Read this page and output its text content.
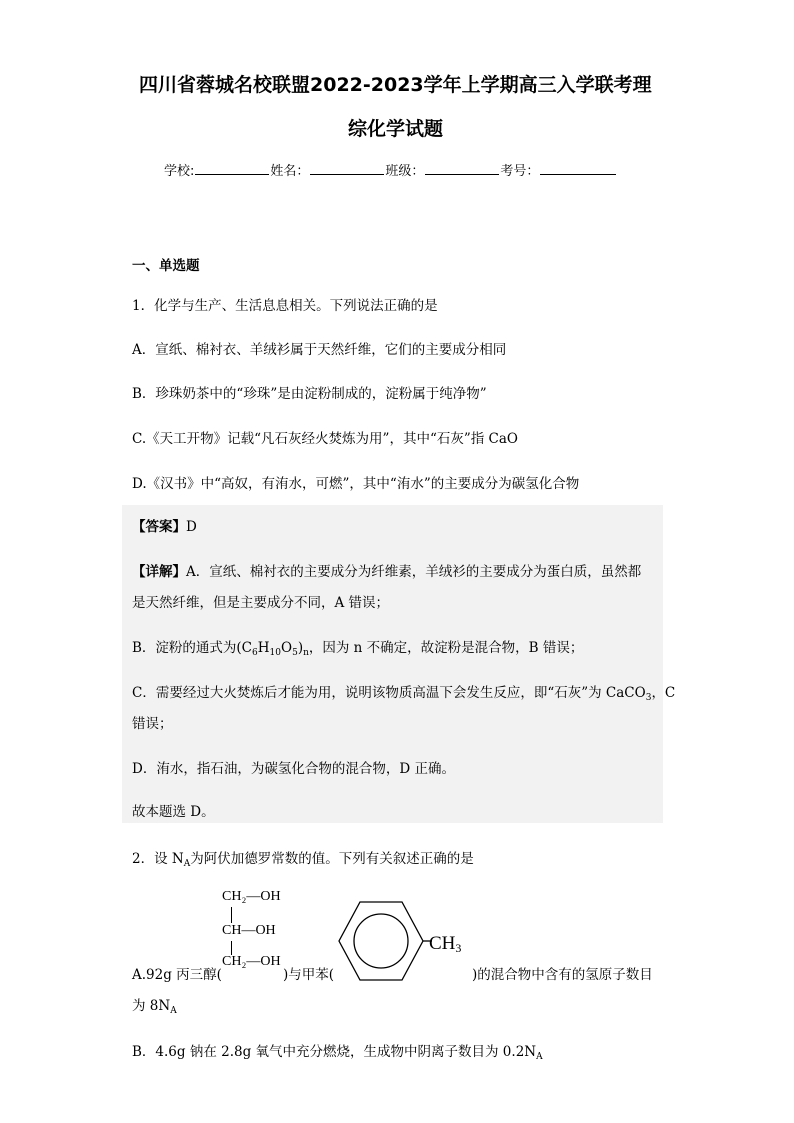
四川省蓉城名校联盟2022-2023学年上学期高三入学联考理
综化学试题
学校:	姓名：	班级：	考号：
一、单选题
1．化学与生产、生活息息相关。下列说法正确的是
A．宣纸、棉衬衣、羊绒衫属于天然纤维，它们的主要成分相同
B．珍珠奶茶中的“珍珠”是由淀粉制成的，淀粉属于纯净物”
C.《天工开物》记载“凡石灰经火焚炼为用”，其中“石灰”指 CaO
D.《汉书》中“高奴，有洧水，可燃”，其中“洧水”的主要成分为碳氢化合物
【答案】D
【详解】A．宣纸、棉衬衣的主要成分为纤维素，羊绒衫的主要成分为蛋白质，虽然都
是天然纤维，但是主要成分不同，A 错误；
B．淀粉的通式为$(C_6H_{10}O_5)_n$，因为 n 不确定，故淀粉是混合物，B 错误；
C．需要经过大火焚炼后才能为用，说明该物质高温下会发生反应，即“石灰”为 CaCO$_3$，C
错误；
D．洧水，指石油，为碳氢化合物的混合物，D 正确。
故本题选 D。
2．设 $N_A$为阿伏加德罗常数的值。下列有关叙述正确的是
CH₂—OH
CH—OH
CH₂—OH
$CH_3$
A.92g 丙三醇(	)与甲苯(	)的混合物中含有的氢原子数目
为 $8N_A$
B．4.6g 钠在 2.8g 氧气中充分燃烧，生成物中阴离子数目为 $0.2N_A$
